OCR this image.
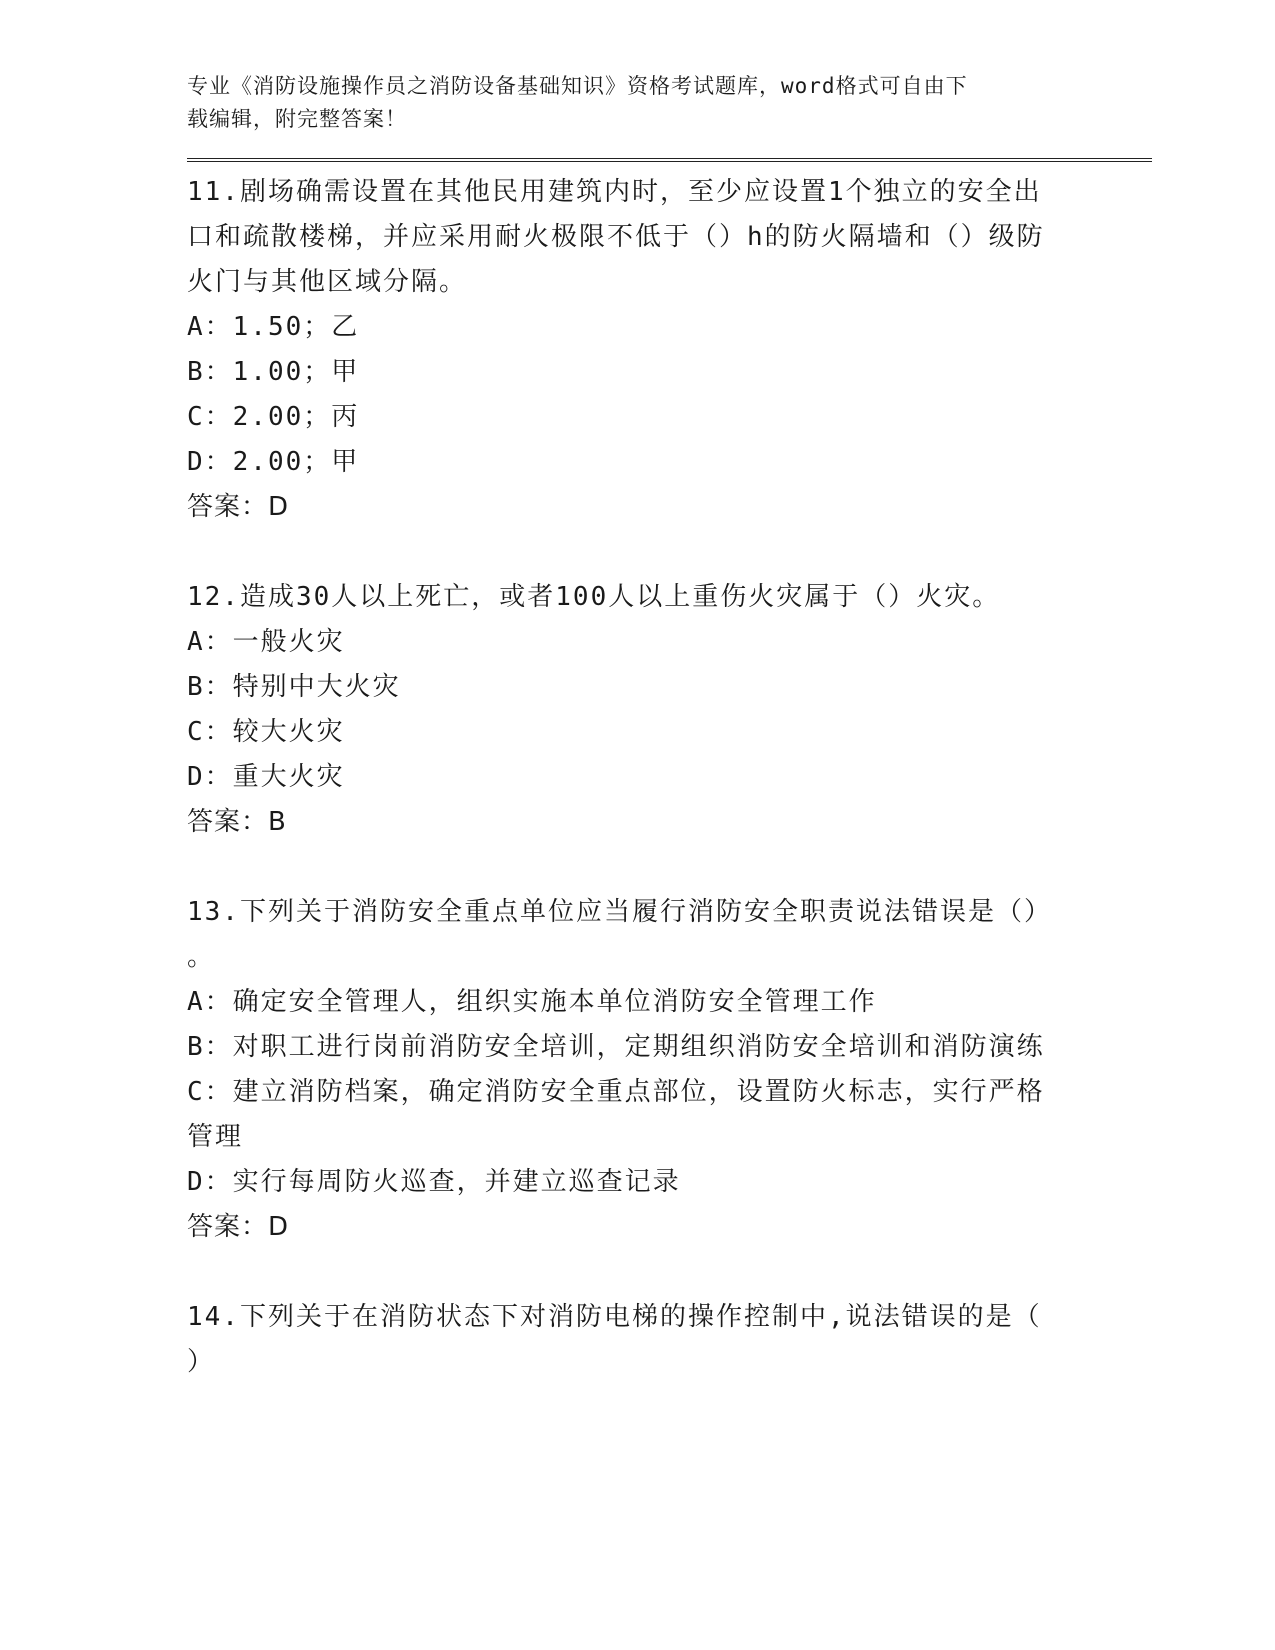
专业《消防设施操作员之消防设备基础知识》资格考试题库，word格式可自由下
载编辑，附完整答案！
11.剧场确需设置在其他民用建筑内时，至少应设置1个独立的安全出
口和疏散楼梯，并应采用耐火极限不低于（）h的防火隔墙和（）级防
火门与其他区域分隔。
A：1.50；乙
B：1.00；甲
C：2.00；丙
D：2.00；甲
答案：D
12.造成30人以上死亡，或者100人以上重伤火灾属于（）火灾。
A：一般火灾
B：特别中大火灾
C：较大火灾
D：重大火灾
答案：B
13.下列关于消防安全重点单位应当履行消防安全职责说法错误是（）
。
A：确定安全管理人，组织实施本单位消防安全管理工作
B：对职工进行岗前消防安全培训，定期组织消防安全培训和消防演练
C：建立消防档案，确定消防安全重点部位，设置防火标志，实行严格
管理
D：实行每周防火巡查，并建立巡查记录
答案：D
14.下列关于在消防状态下对消防电梯的操作控制中,说法错误的是（
）
